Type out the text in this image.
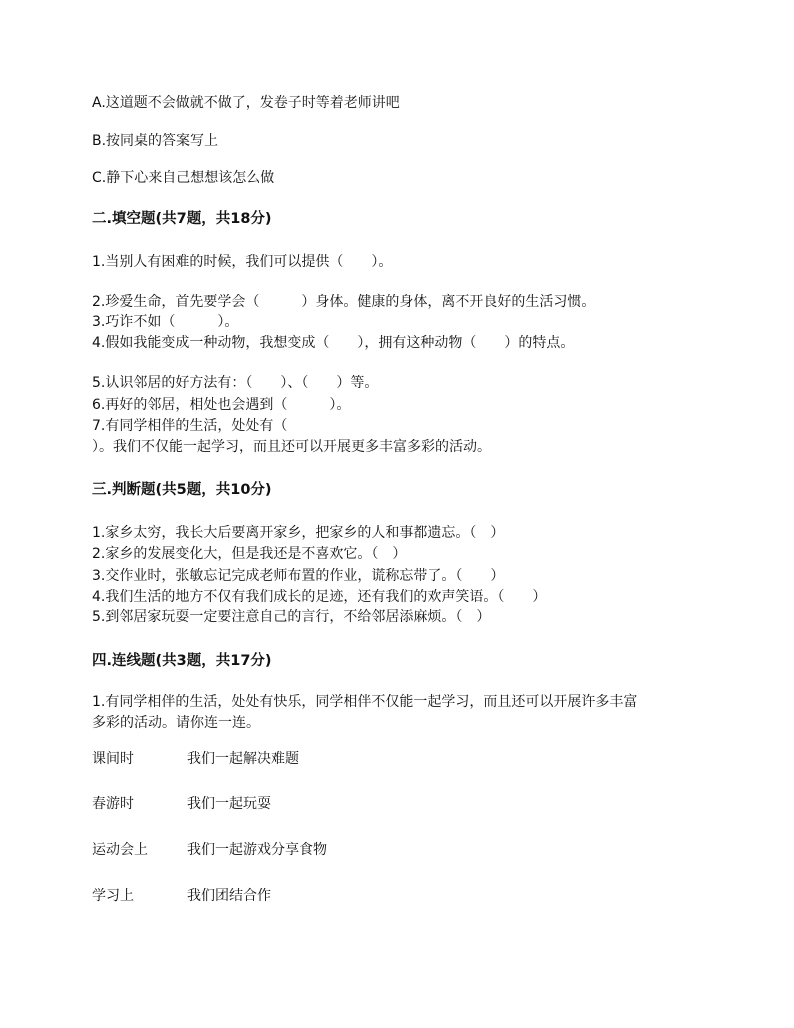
A.这道题不会做就不做了，发卷子时等着老师讲吧
B.按同桌的答案写上
C.静下心来自己想想该怎么做
二.填空题(共7题，共18分)
1.当别人有困难的时候，我们可以提供（　　）。
2.珍爱生命，首先要学会（　　　）身体。健康的身体，离不开良好的生活习惯。
3.巧诈不如（　　　）。
4.假如我能变成一种动物，我想变成（　　），拥有这种动物（　　）的特点。
5.认识邻居的好方法有：（　　）、（　　）等。
6.再好的邻居，相处也会遇到（　　　）。
7.有同学相伴的生活，处处有（
）。我们不仅能一起学习，而且还可以开展更多丰富多彩的活动。
三.判断题(共5题，共10分)
1.家乡太穷，我长大后要离开家乡，把家乡的人和事都遗忘。（　）
2.家乡的发展变化大，但是我还是不喜欢它。（　）
3.交作业时，张敏忘记完成老师布置的作业，谎称忘带了。（　　）
4.我们生活的地方不仅有我们成长的足迹，还有我们的欢声笑语。（　　）
5.到邻居家玩耍一定要注意自己的言行，不给邻居添麻烦。（　）
四.连线题(共3题，共17分)
1.有同学相伴的生活，处处有快乐，同学相伴不仅能一起学习，而且还可以开展许多丰富
多彩的活动。请你连一连。
课间时	我们一起解决难题
春游时	我们一起玩耍
运动会上	我们一起游戏分享食物
学习上	我们团结合作
